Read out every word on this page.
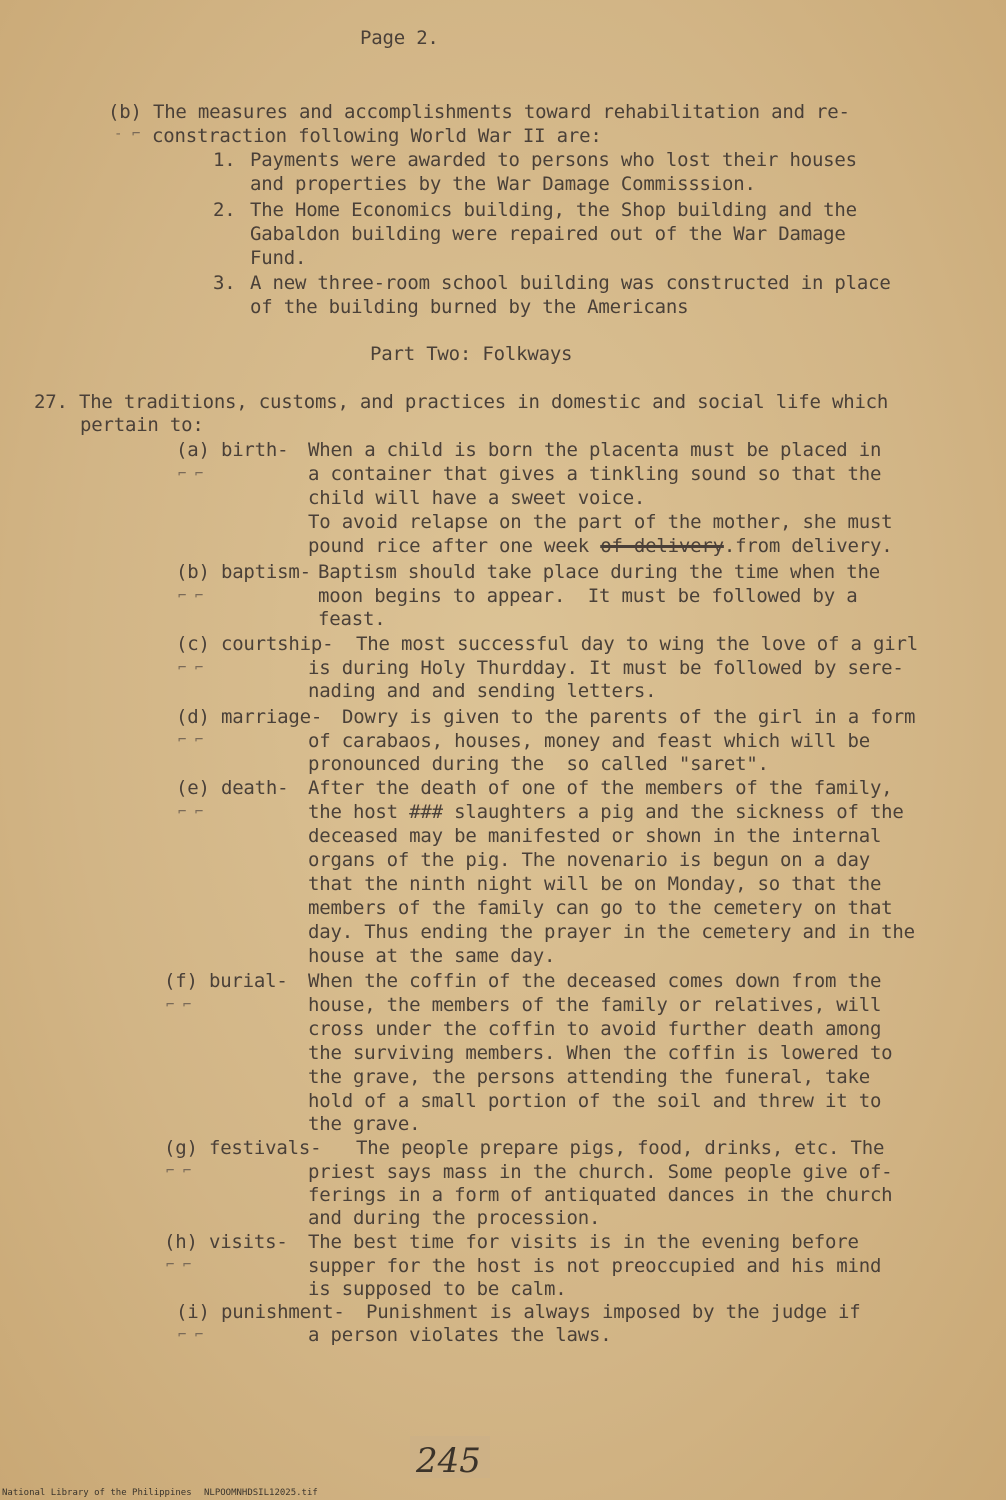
Page 2.
(b) The measures and accomplishments toward rehabilitation and re-
- ⌐ constraction following World War II are:
1. Payments were awarded to persons who lost their houses
and properties by the War Damage Commisssion.
2. The Home Economics building, the Shop building and the
Gabaldon building were repaired out of the War Damage
Fund.
3. A new three-room school building was constructed in place
of the building burned by the Americans
Part Two: Folkways
27. The traditions, customs, and practices in domestic and social life which
pertain to:
(a) birth- When a child is born the placenta must be placed in
⌐ ⌐	a container that gives a tinkling sound so that the
child will have a sweet voice.
To avoid relapse on the part of the mother, she must
pound rice after one week of delivery.from delivery.
(b) baptism- Baptism should take place during the time when the
⌐ ⌐	moon begins to appear.  It must be followed by a
feast.
(c) courtship- The most successful day to wing the love of a girl
⌐ ⌐	is during Holy Thurdday. It must be followed by sere-
nading and and sending letters.
(d) marriage- Dowry is given to the parents of the girl in a form
⌐ ⌐	of carabaos, houses, money and feast which will be
pronounced during the  so called "saret".
(e) death- After the death of one of the members of the family,
⌐ ⌐	the host ### slaughters a pig and the sickness of the
deceased may be manifested or shown in the internal
organs of the pig. The novenario is begun on a day
that the ninth night will be on Monday, so that the
members of the family can go to the cemetery on that
day. Thus ending the prayer in the cemetery and in the
house at the same day.
(f) burial- When the coffin of the deceased comes down from the
⌐ ⌐	house, the members of the family or relatives, will
cross under the coffin to avoid further death among
the surviving members. When the coffin is lowered to
the grave, the persons attending the funeral, take
hold of a small portion of the soil and threw it to
the grave.
(g) festivals- The people prepare pigs, food, drinks, etc. The
⌐ ⌐	priest says mass in the church. Some people give of-
ferings in a form of antiquated dances in the church
and during the procession.
(h) visits- The best time for visits is in the evening before
⌐ ⌐	supper for the host is not preoccupied and his mind
is supposed to be calm.
(i) punishment- Punishment is always imposed by the judge if
⌐ ⌐	a person violates the laws.
245
National Library of the Philippines NLPOOMNHDSIL12025.tif
